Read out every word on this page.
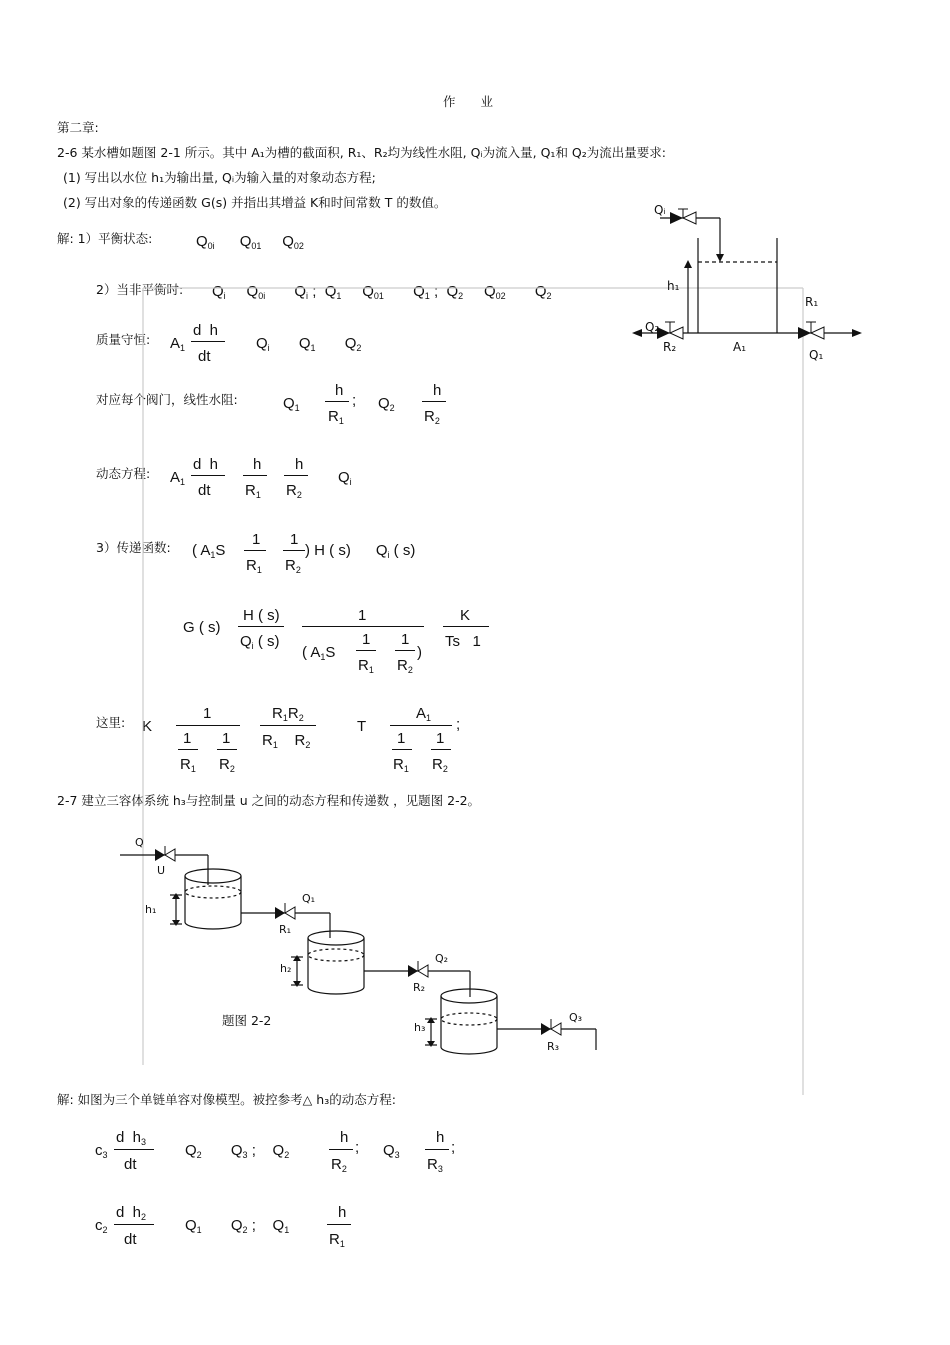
作　　业
第二章:
2-6 某水槽如题图 2-1 所示。其中 A₁为槽的截面积, R₁、R₂均为线性水阻, Qᵢ为流入量, Q₁和 Q₂为流出量要求:
(1) 写出以水位 h₁为输出量, Qᵢ为输入量的对象动态方程;
(2) 写出对象的传递函数 G(s) 并指出其增益 K和时间常数 T 的数值。
解: 1）平衡状态:	$Q_{0i}$      $Q_{01}$     $Q_{02}$
2）当非平衡时: $Q_i$     $Q_{0i}$       $Q_i$ ;  $Q_1$     $Q_{01}$       $Q_1$ ;  $Q_2$     $Q_{02}$       $Q_2$
质量守恒: $A_1$
d  h
dt
$Q_i$       $Q_1$       $Q_2$
对应每个阀门，线性水阻:	$Q_1$
h
$R_1$
; $Q_2$
h
$R_2$
动态方程: $A_1$
d  h
dt
h
$R_1$
h
$R_2$
$Q_i$
3）传递函数: ( $A_1S$
1
$R_1$
1
$R_2$
) H ( s)      $Q_i$ ( s)
G ( s)
H ( s)
$Q_i$ ( s)
1
( $A_1S$
1
$R_1$
1
$R_2$
)
K
Ts   1
这里: K
1
1 1
$R_1$ $R_2$
$R_1R_2$
$R_1$    $R_2$
T
$A_1$
1 1
$R_1$ $R_2$
;
2-7 建立三容体系统 h₃与控制量 u 之间的动态方程和传递数 ，见题图 2-2。
题图 2-2
解: 如图为三个单链单容对像模型。被控参考△ h₃的动态方程:
$c_3$
d  $h_3$
dt
$Q_2$       $Q_3$ ;    $Q_2$
h
$R_2$
; $Q_3$
h
$R_3$
;
$c_2$
d  $h_2$
dt
$Q_1$       $Q_2$ ;    $Q_1$
h
$R_1$
Qᵢ
h₁
R₁
Q₂
R₂	A₁
Q₁
Q
U
h₁
Q₁
R₁
h₂
Q₂
R₂
h₃
Q₃
R₃
